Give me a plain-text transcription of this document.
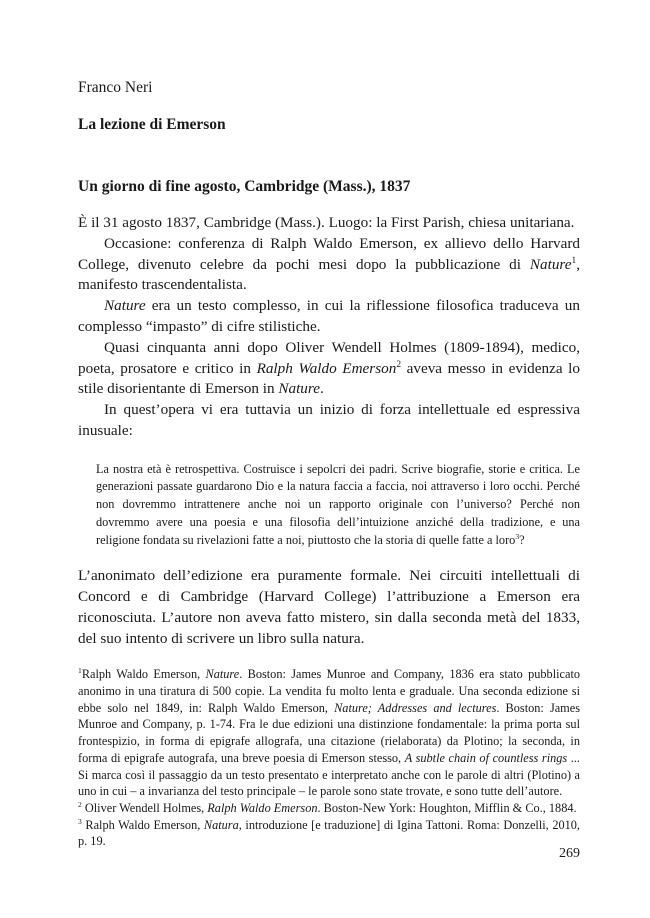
Franco Neri

La lezione di Emerson

Un giorno di fine agosto, Cambridge (Mass.), 1837

È il 31 agosto 1837, Cambridge (Mass.). Luogo: la First Parish, chiesa unitariana.

Occasione: conferenza di Ralph Waldo Emerson, ex allievo dello Harvard College, divenuto celebre da pochi mesi dopo la pubblicazione di Nature$^1$, manifesto trascendentalista.

Nature era un testo complesso, in cui la riflessione filosofica traduceva un complesso “impasto” di cifre stilistiche.

Quasi cinquanta anni dopo Oliver Wendell Holmes (1809-1894), medico, poeta, prosatore e critico in Ralph Waldo Emerson$^2$ aveva messo in evidenza lo stile disorientante di Emerson in Nature.

In quest’opera vi era tuttavia un inizio di forza intellettuale ed espressiva inusuale:

La nostra età è retrospettiva. Costruisce i sepolcri dei padri. Scrive biografie, storie e critica. Le generazioni passate guardarono Dio e la natura faccia a faccia, noi attraverso i loro occhi. Perché non dovremmo intrattenere anche noi un rapporto originale con l’universo? Perché non dovremmo avere una poesia e una filosofia dell’intuizione anziché della tradizione, e una religione fondata su rivelazioni fatte a noi, piuttosto che la storia di quelle fatte a loro$^3$?
L’anonimato dell’edizione era puramente formale. Nei circuiti intellettuali di Concord e di Cambridge (Harvard College) l’attribuzione a Emerson era riconosciuta. L’autore non aveva fatto mistero, sin dalla seconda metà del 1833, del suo intento di scrivere un libro sulla natura.

$^1$Ralph Waldo Emerson, Nature. Boston: James Munroe and Company, 1836 era stato pubblicato anonimo in una tiratura di 500 copie. La vendita fu molto lenta e graduale. Una seconda edizione si ebbe solo nel 1849, in: Ralph Waldo Emerson, Nature; Addresses and lectures. Boston: James Munroe and Company, p. 1-74. Fra le due edizioni una distinzione fondamentale: la prima porta sul frontespizio, in forma di epigrafe allografa, una citazione (rielaborata) da Plotino; la seconda, in forma di epigrafe autografa, una breve poesia di Emerson stesso, A subtle chain of countless rings ... Si marca così il passaggio da un testo presentato e interpretato anche con le parole di altri (Plotino) a uno in cui – a invarianza del testo principale – le parole sono state trovate, e sono tutte dell’autore.

$^2$ Oliver Wendell Holmes, Ralph Waldo Emerson. Boston-New York: Houghton, Mifflin & Co., 1884.

$^3$ Ralph Waldo Emerson, Natura, introduzione [e traduzione] di Igina Tattoni. Roma: Donzelli, 2010, p. 19.

269
